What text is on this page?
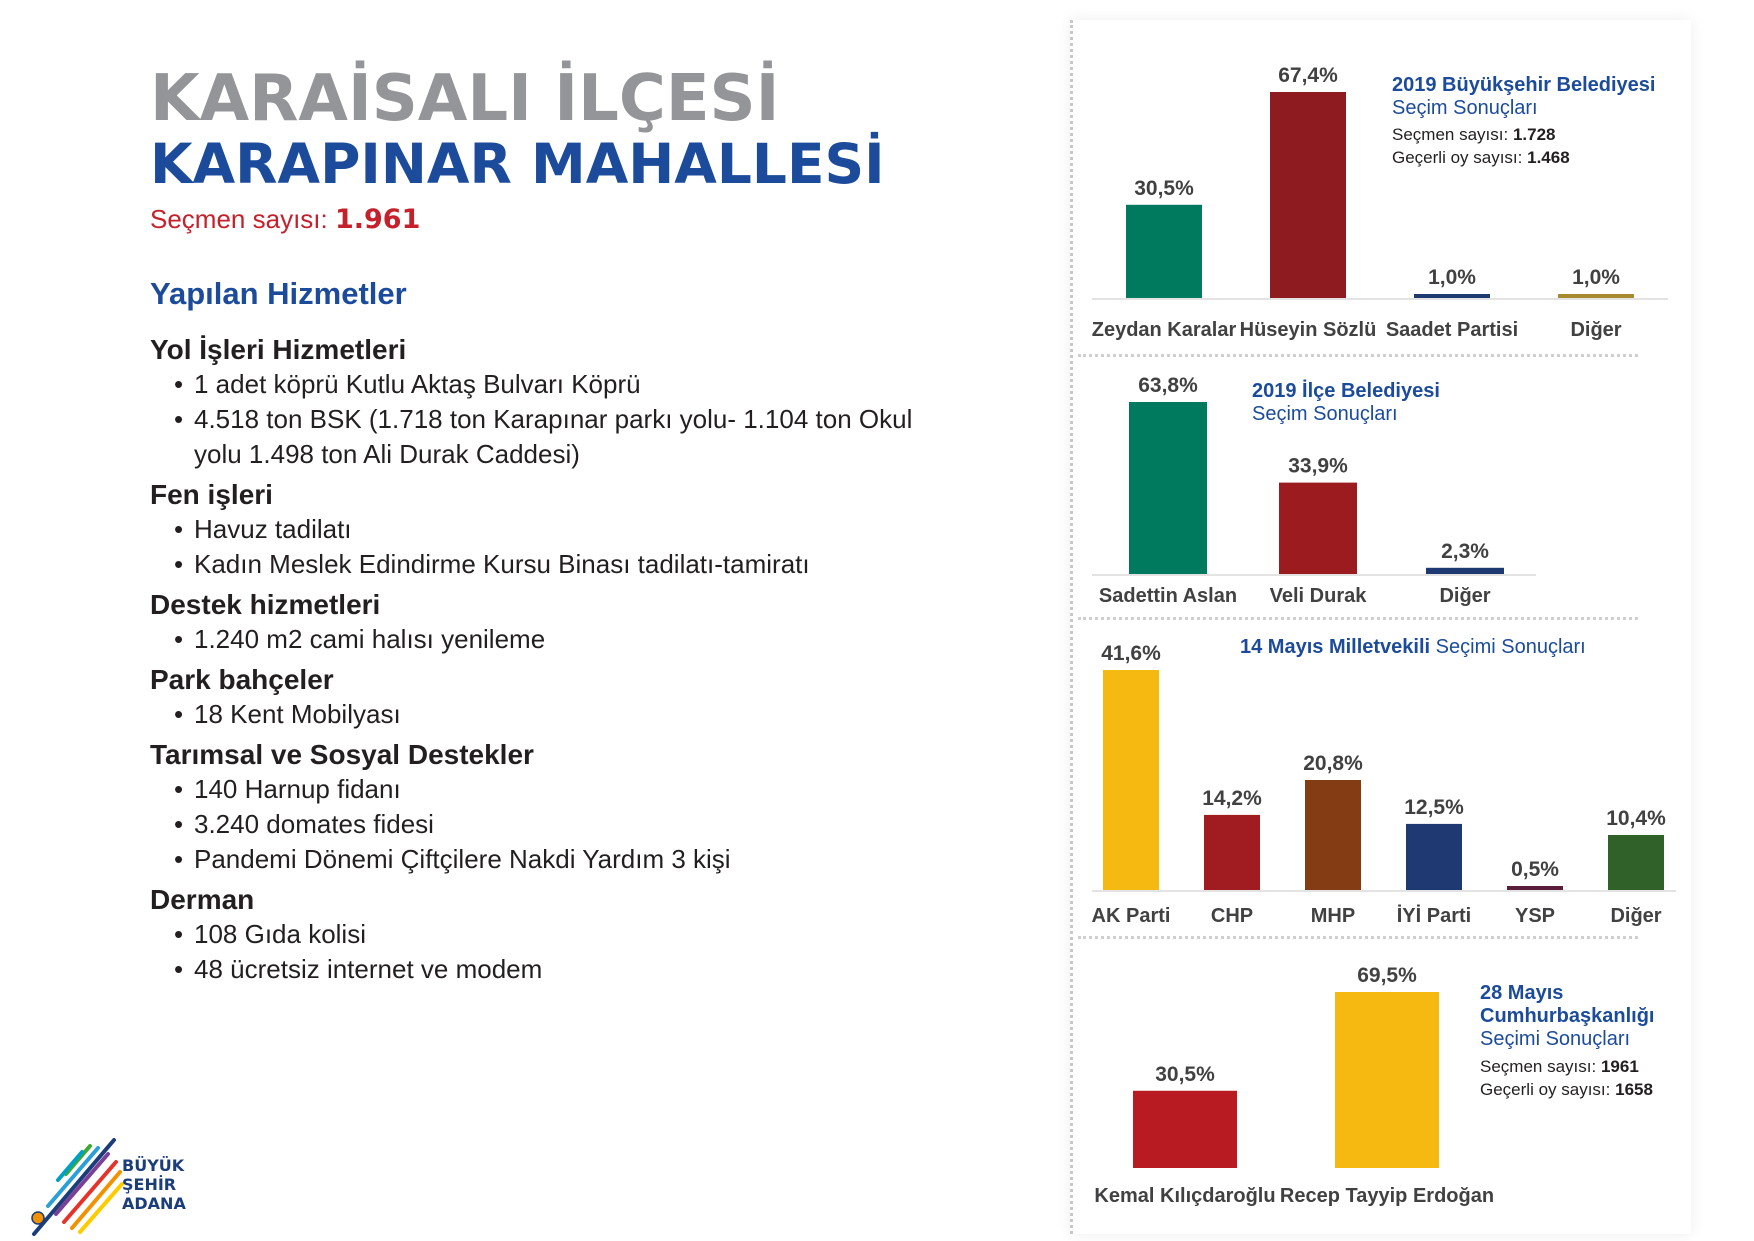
KARAİSALI İLÇESİ
KARAPINAR MAHALLESİ
Seçmen sayısı: 1.961
Yapılan Hizmetler
Yol İşleri Hizmetleri
• 1 adet köprü Kutlu Aktaş Bulvarı Köprü
• 4.518 ton BSK (1.718 ton Karapınar parkı yolu- 1.104 ton Okul yolu 1.498 ton Ali Durak Caddesi)
Fen işleri
• Havuz tadilatı
• Kadın Meslek Edindirme Kursu Binası tadilatı-tamiratı
Destek hizmetleri
• 1.240 m2 cami halısı yenileme
Park bahçeler
• 18 Kent Mobilyası
Tarımsal ve Sosyal Destekler
• 140 Harnup fidanı
• 3.240 domates fidesi
• Pandemi Dönemi Çiftçilere Nakdi Yardım 3 kişi
Derman
• 108 Gıda kolisi
• 48 ücretsiz internet ve modem
BÜYÜK
ŞEHİR
ADANA
2019 Büyükşehir Belediyesi
Seçim Sonuçları
Seçmen sayısı: 1.728
Geçerli oy sayısı: 1.468
2019 İlçe Belediyesi
Seçim Sonuçları
14 Mayıs Milletvekili Seçimi Sonuçları
28 Mayıs
Cumhurbaşkanlığı
Seçimi Sonuçları
Seçmen sayısı: 1961
Geçerli oy sayısı: 1658
30,5%
Zeydan Karalar
67,4%
Hüseyin Sözlü
1,0%
Saadet Partisi
1,0%
Diğer
63,8%
Sadettin Aslan
33,9%
Veli Durak
2,3%
Diğer
41,6%
AK Parti
14,2%
CHP
20,8%
MHP
12,5%
İYİ Parti
0,5%
YSP
10,4%
Diğer
30,5%
Kemal Kılıçdaroğlu
69,5%
Recep Tayyip Erdoğan
